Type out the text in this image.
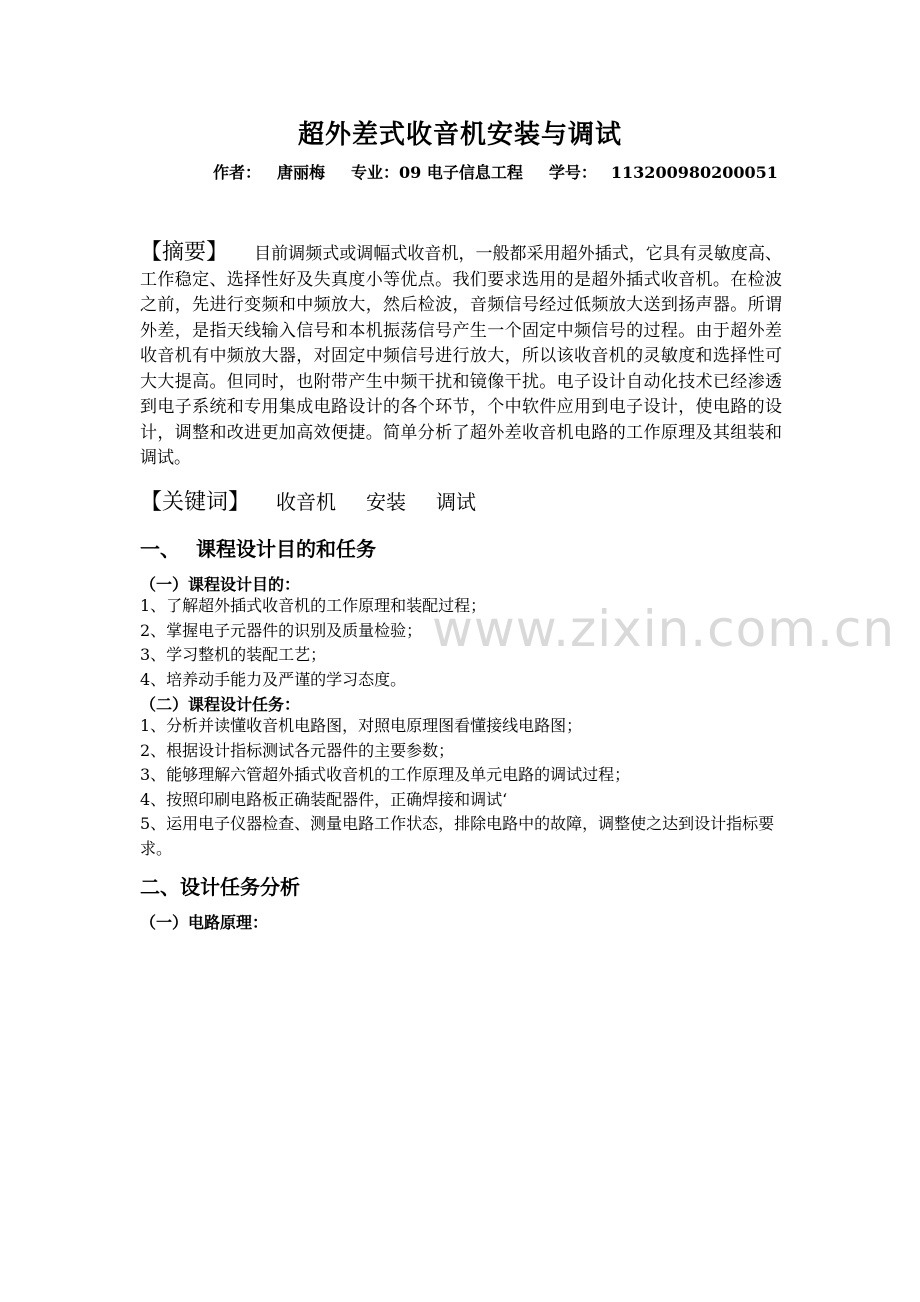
超外差式收音机安装与调试
作者： 唐丽梅 专业：09 电子信息工程 学号： 113200980200051

【摘要】 目前调频式或调幅式收音机，一般都采用超外插式，它具有灵敏度高、工作稳定、选择性好及失真度小等优点。我们要求选用的是超外插式收音机。在检波之前，先进行变频和中频放大，然后检波，音频信号经过低频放大送到扬声器。所谓外差，是指天线输入信号和本机振荡信号产生一个固定中频信号的过程。由于超外差收音机有中频放大器，对固定中频信号进行放大，所以该收音机的灵敏度和选择性可大大提高。但同时，也附带产生中频干扰和镜像干扰。电子设计自动化技术已经渗透到电子系统和专用集成电路设计的各个环节，个中软件应用到电子设计，使电路的设计，调整和改进更加高效便捷。简单分析了超外差收音机电路的工作原理及其组装和调试。

【关键词】 收音机 安装 调试
一、 课程设计目的和任务
（一）课程设计目的：
1、了解超外插式收音机的工作原理和装配过程；
2、掌握电子元器件的识别及质量检验；
3、学习整机的装配工艺；
4、培养动手能力及严谨的学习态度。
（二）课程设计任务：
1、分析并读懂收音机电路图，对照电原理图看懂接线电路图；
2、根据设计指标测试各元器件的主要参数；
3、能够理解六管超外插式收音机的工作原理及单元电路的调试过程；
4、按照印刷电路板正确装配器件，正确焊接和调试‘
5、运用电子仪器检查、测量电路工作状态，排除电路中的故障，调整使之达到设计指标要求。
二、设计任务分析
（一）电路原理：
www.zixin.com.cn
